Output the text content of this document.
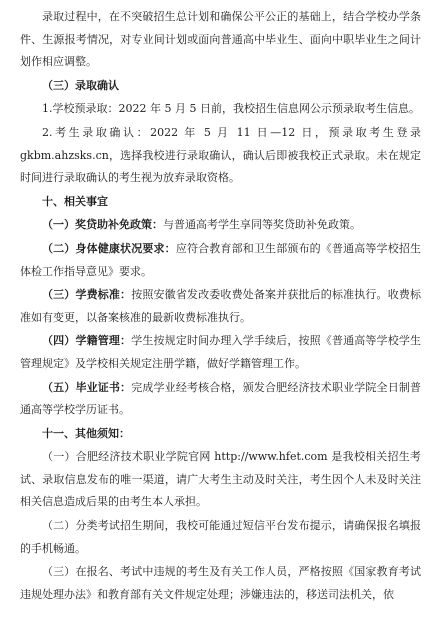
录取过程中，在不突破招生总计划和确保公平公正的基础上，结合学校办学条件、生源报考情况，对专业间计划或面向普通高中毕业生、面向中职毕业生之间计划作相应调整。

（三）录取确认

1.学校预录取：2022 年 5 月 5 日前，我校招生信息网公示预录取考生信息。

2.考生录取确认：2022 年 5 月 11 日—12 日，预录取考生登录 gkbm.ahzsks.cn，选择我校进行录取确认，确认后即被我校正式录取。未在规定时间进行录取确认的考生视为放弃录取资格。

十、相关事宜

（一）奖贷助补免政策：与普通高考学生享同等奖贷助补免政策。

（二）身体健康状况要求：应符合教育部和卫生部颁布的《普通高等学校招生体检工作指导意见》要求。

（三）学费标准：按照安徽省发改委收费处备案并获批后的标准执行。收费标准如有变更，以备案核准的最新收费标准执行。

（四）学籍管理：学生按规定时间办理入学手续后，按照《普通高等学校学生管理规定》及学校相关规定注册学籍，做好学籍管理工作。

（五）毕业证书：完成学业经考核合格，颁发合肥经济技术职业学院全日制普通高等学校学历证书。

十一、其他须知：

（一）合肥经济技术职业学院官网 http://www.hfet.com 是我校相关招生考试、录取信息发布的唯一渠道，请广大考生主动及时关注，考生因个人未及时关注相关信息造成后果的由考生本人承担。

（二）分类考试招生期间，我校可能通过短信平台发布提示，请确保报名填报的手机畅通。

（三）在报名、考试中违规的考生及有关工作人员，严格按照《国家教育考试违规处理办法》和教育部有关文件规定处理；涉嫌违法的，移送司法机关，依
